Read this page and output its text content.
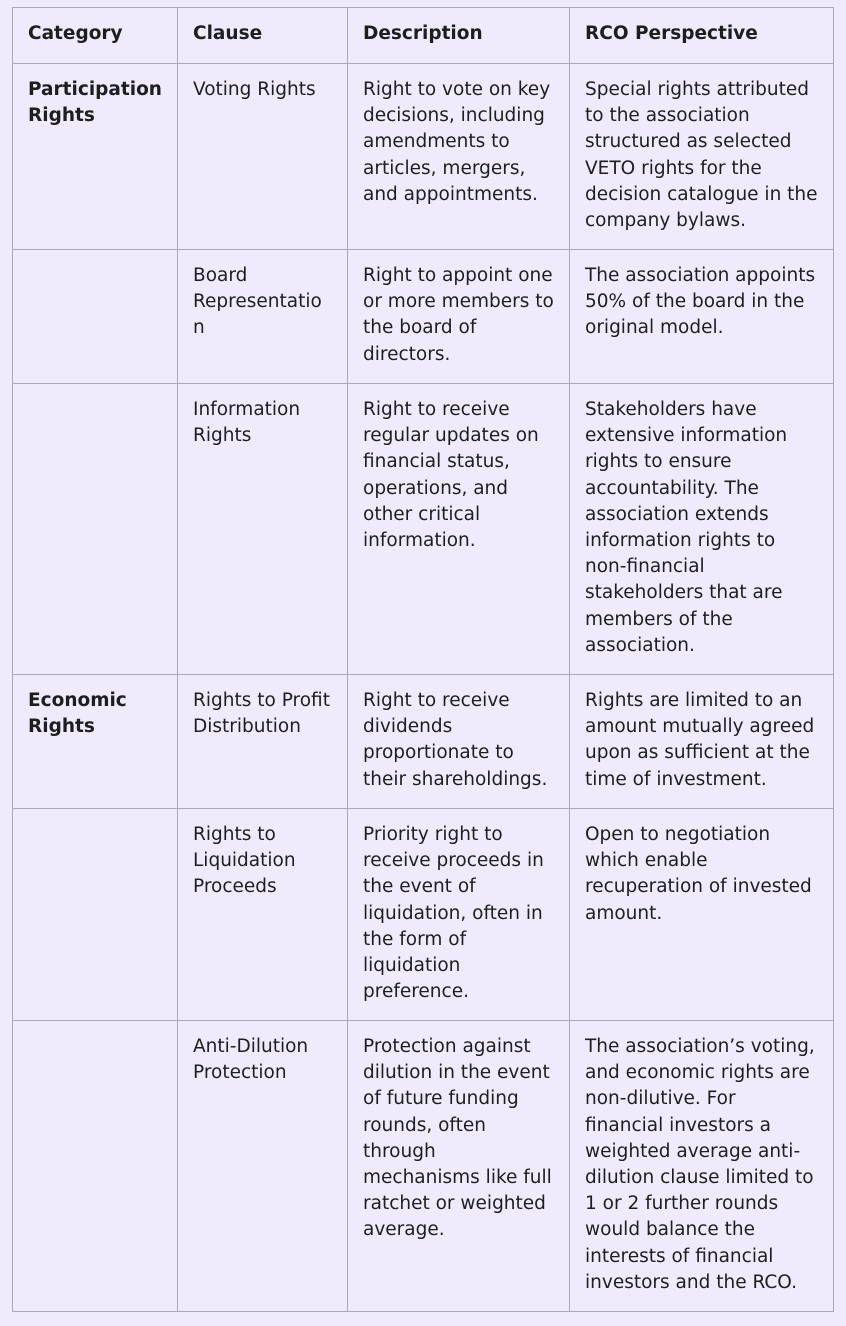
Category	Clause	Description	RCO Perspective
Participation Rights	Voting Rights	Right to vote on key decisions, including amendments to articles, mergers, and appointments.	Special rights attributed to the association structured as selected VETO rights for the decision catalogue in the company bylaws.
	Board Representation	Right to appoint one or more members to the board of directors.	The association appoints 50% of the board in the original model.
	Information Rights	Right to receive regular updates on financial status, operations, and other critical information.	Stakeholders have extensive information rights to ensure accountability. The association extends information rights to non-financial stakeholders that are members of the association.
Economic Rights	Rights to Profit Distribution	Right to receive dividends proportionate to their shareholdings.	Rights are limited to an amount mutually agreed upon as sufficient at the time of investment.
	Rights to Liquidation Proceeds	Priority right to receive proceeds in the event of liquidation, often in the form of liquidation preference.	Open to negotiation which enable recuperation of invested amount.
	Anti-Dilution Protection	Protection against dilution in the event of future funding rounds, often through mechanisms like full ratchet or weighted average.	The association’s voting, and economic rights are non-dilutive. For financial investors a weighted average anti-dilution clause limited to 1 or 2 further rounds would balance the interests of financial investors and the RCO.
